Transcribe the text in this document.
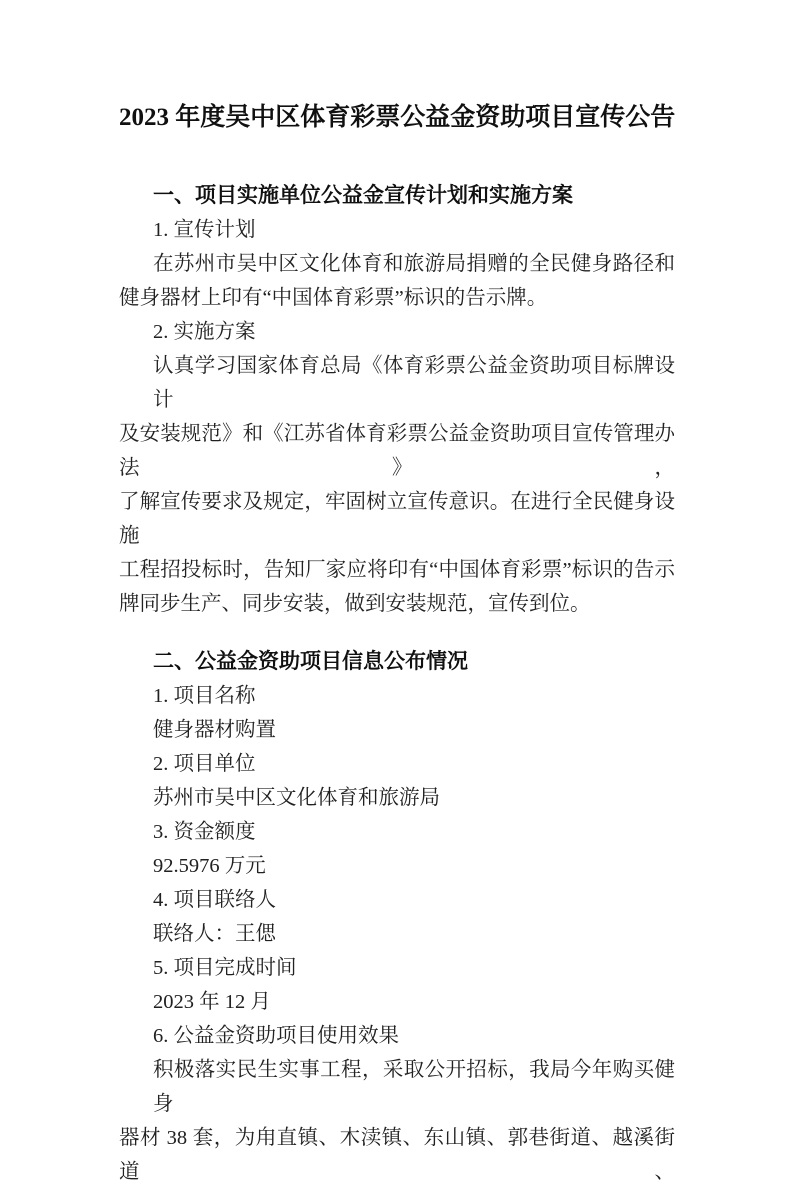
2023 年度吴中区体育彩票公益金资助项目宣传公告
一、项目实施单位公益金宣传计划和实施方案
1. 宣传计划
在苏州市吴中区文化体育和旅游局捐赠的全民健身路径和
健身器材上印有“中国体育彩票”标识的告示牌。
2. 实施方案
认真学习国家体育总局《体育彩票公益金资助项目标牌设计
及安装规范》和《江苏省体育彩票公益金资助项目宣传管理办法》，
了解宣传要求及规定，牢固树立宣传意识。在进行全民健身设施
工程招投标时，告知厂家应将印有“中国体育彩票”标识的告示
牌同步生产、同步安装，做到安装规范，宣传到位。
二、公益金资助项目信息公布情况
1. 项目名称
健身器材购置
2. 项目单位
苏州市吴中区文化体育和旅游局
3. 资金额度
92.5976 万元
4. 项目联络人
联络人：王偲
5. 项目完成时间
2023 年 12 月
6. 公益金资助项目使用效果
积极落实民生实事工程，采取公开招标，我局今年购买健身
器材 38 套，为甪直镇、木渎镇、东山镇、郭巷街道、越溪街道、
